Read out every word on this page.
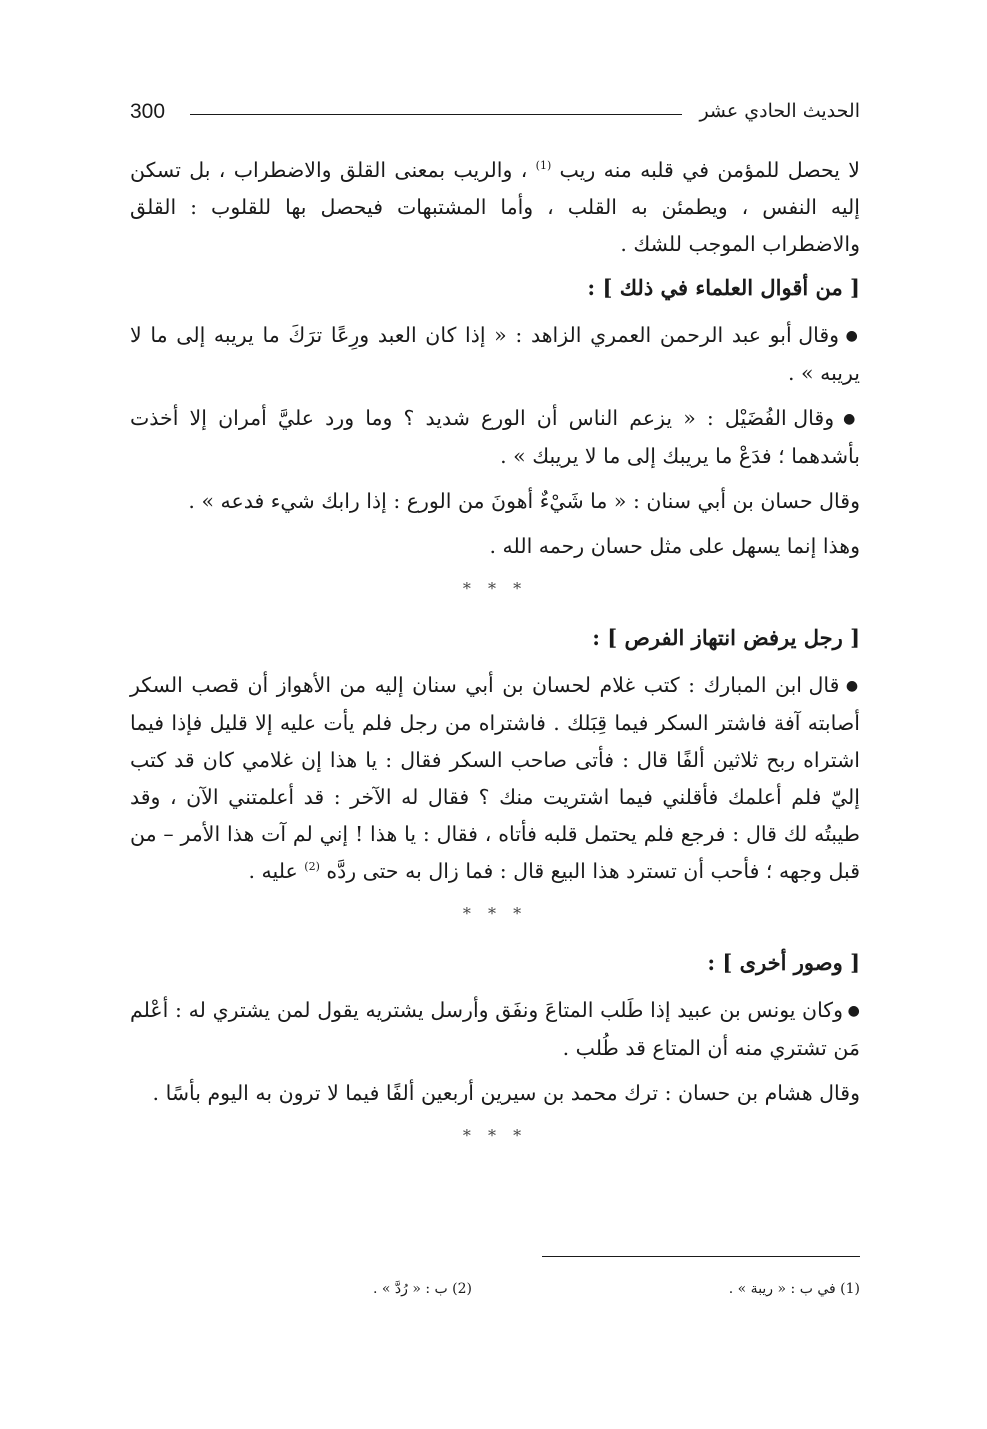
300	الحديث الحادي عشر

لا يحصل للمؤمن في قلبه منه ريب $^{(1)}$ ، والريب بمعنى القلق والاضطراب ، بل تسكن إليه النفس ، ويطمئن به القلب ، وأما المشتبهات فيحصل بها للقلوب : القلق والاضطراب الموجب للشك .

[ من أقوال العلماء في ذلك ] :

● وقال أبو عبد الرحمن العمري الزاهد : « إذا كان العبد ورِعًا ترَكَ ما يريبه إلى ما لا يريبه » .

● وقال الفُضَيْل : « يزعم الناس أن الورع شديد ؟ وما ورد عليَّ أمران إلا أخذت بأشدهما ؛ فدَعْ ما يريبك إلى ما لا يريبك » .

وقال حسان بن أبي سنان : « ما شَيْءٌ أهونَ من الورع : إذا رابك شيء فدعه » .

وهذا إنما يسهل على مثل حسان رحمه الله .

* * *
[ رجل يرفض انتهاز الفرص ] :

● قال ابن المبارك : كتب غلام لحسان بن أبي سنان إليه من الأهواز أن قصب السكر أصابته آفة فاشتر السكر فيما قِبَلك . فاشتراه من رجل فلم يأت عليه إلا قليل فإذا فيما اشتراه ربح ثلاثين ألفًا قال : فأتى صاحب السكر فقال : يا هذا إن غلامي كان قد كتب إليّ فلم أعلمك فأقلني فيما اشتريت منك ؟ فقال له الآخر : قد أعلمتني الآن ، وقد طيبتُه لك قال : فرجع فلم يحتمل قلبه فأتاه ، فقال : يا هذا ! إني لم آت هذا الأمر – من قبل وجهه ؛ فأحب أن تسترد هذا البيع قال : فما زال به حتى ردَّه $^{(2)}$ عليه .

* * *
[ وصور أخرى ] :

● وكان يونس بن عبيد إذا طَلب المتاعَ ونفَق وأرسل يشتريه يقول لمن يشتري له : أعْلم مَن تشتري منه أن المتاع قد طُلب .

وقال هشام بن حسان : ترك محمد بن سيرين أربعين ألفًا فيما لا ترون به اليوم بأسًا .

* * *
(1) في ب : « ريبة » .
(2) ب : « رُدَّ » .
